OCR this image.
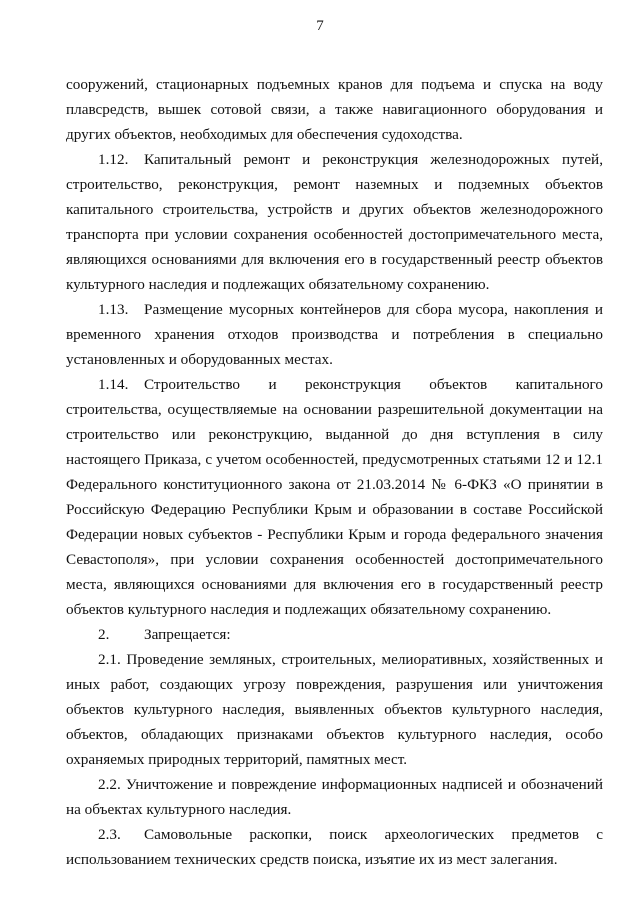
7

сооружений, стационарных подъемных кранов для подъема и спуска на воду плавсредств, вышек сотовой связи, а также навигационного оборудования и других объектов, необходимых для обеспечения судоходства.

1.12. Капитальный ремонт и реконструкция железнодорожных путей, строительство, реконструкция, ремонт наземных и подземных объектов капитального строительства, устройств и других объектов железнодорожного транспорта при условии сохранения особенностей достопримечательного места, являющихся основаниями для включения его в государственный реестр объектов культурного наследия и подлежащих обязательному сохранению.

1.13. Размещение мусорных контейнеров для сбора мусора, накопления и временного хранения отходов производства и потребления в специально установленных и оборудованных местах.

1.14. Строительство и реконструкция объектов капитального строительства, осуществляемые на основании разрешительной документации на строительство или реконструкцию, выданной до дня вступления в силу настоящего Приказа, с учетом особенностей, предусмотренных статьями 12 и 12.1 Федерального конституционного закона от 21.03.2014 № 6-ФКЗ «О принятии в Российскую Федерацию Республики Крым и образовании в составе Российской Федерации новых субъектов - Республики Крым и города федерального значения Севастополя», при условии сохранения особенностей достопримечательного места, являющихся основаниями для включения его в государственный реестр объектов культурного наследия и подлежащих обязательному сохранению.

2. Запрещается:

2.1. Проведение земляных, строительных, мелиоративных, хозяйственных и иных работ, создающих угрозу повреждения, разрушения или уничтожения объектов культурного наследия, выявленных объектов культурного наследия, объектов, обладающих признаками объектов культурного наследия, особо охраняемых природных территорий, памятных мест.

2.2. Уничтожение и повреждение информационных надписей и обозначений на объектах культурного наследия.

2.3. Самовольные раскопки, поиск археологических предметов с использованием технических средств поиска, изъятие их из мест залегания.
